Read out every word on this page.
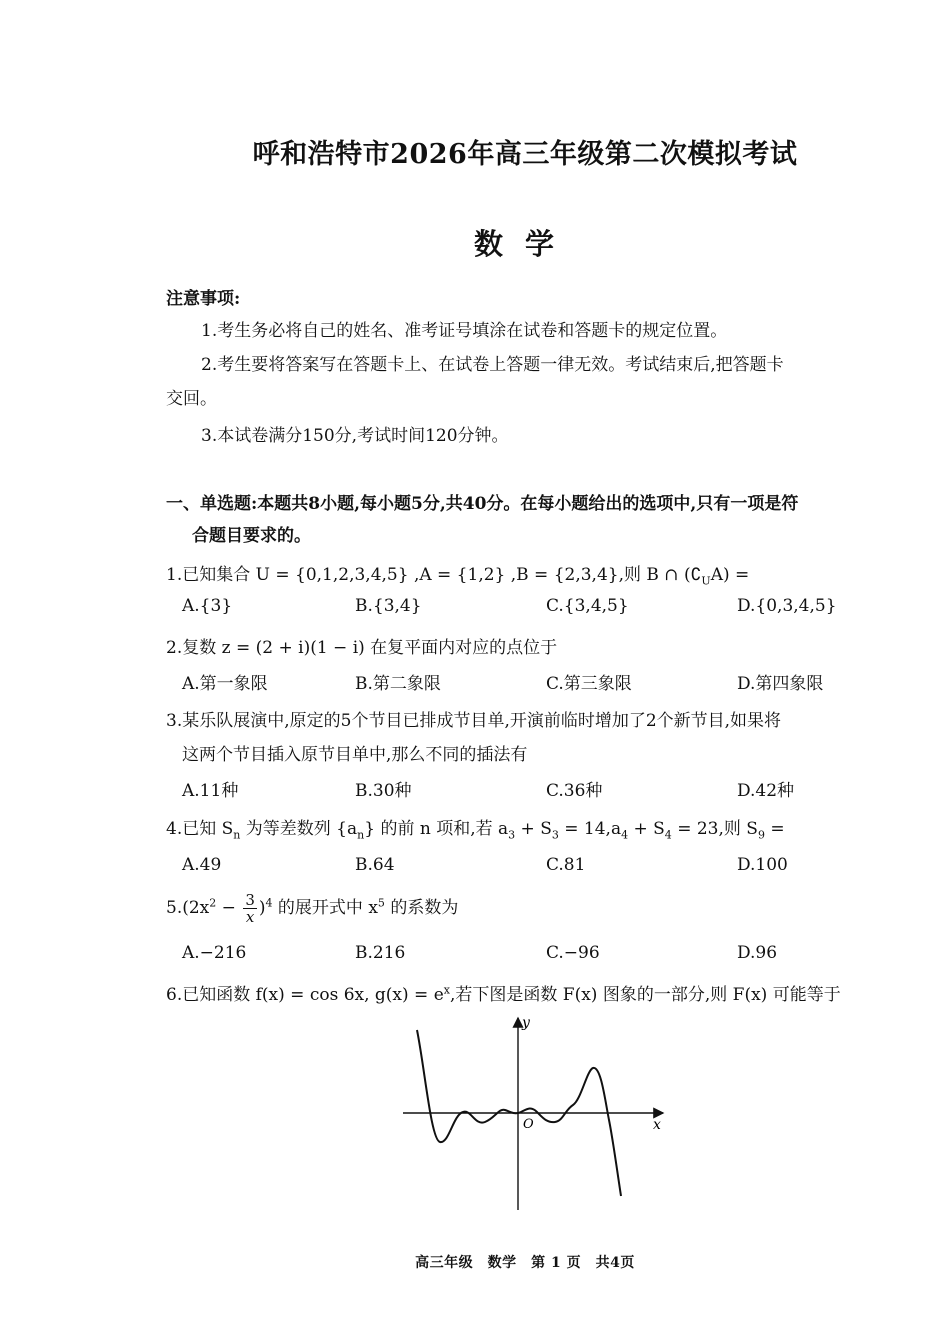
呼和浩特市2026年高三年级第二次模拟考试
数学
注意事项:
1.考生务必将自己的姓名、准考证号填涂在试卷和答题卡的规定位置。
2.考生要将答案写在答题卡上、在试卷上答题一律无效。考试结束后,把答题卡
交回。
3.本试卷满分150分,考试时间120分钟。
一、单选题:本题共8小题,每小题5分,共40分。在每小题给出的选项中,只有一项是符
合题目要求的。
1.已知集合 U = {0,1,2,3,4,5} ,A = {1,2} ,B = {2,3,4},则 B ∩ $(∁_UA)$ =
A.{3}	B.{3,4}	C.{3,4,5}	D.{0,3,4,5}
2.复数 z = (2 + i)(1 − i) 在复平面内对应的点位于
A.第一象限	B.第二象限	C.第三象限	D.第四象限
3.某乐队展演中,原定的5个节目已排成节目单,开演前临时增加了2个新节目,如果将
这两个节目插入原节目单中,那么不同的插法有
A.11种	B.30种	C.36种	D.42种
4.已知 $S_n$ 为等差数列 $\{a_n\}$ 的前 n 项和,若 $a_3 + S_3 = 14,a_4 + S_4 = 23$,则 $S_9$ =
A.49	B.64	C.81	D.100
$5.(2x^2 - \frac{3}{x} )^4$ 的展开式中 $x^5$ 的系数为
A.−216	B.216	C.−96	D.96
6.已知函数 f(x) = cos 6x, $g(x) = e^x$,若下图是函数 F(x) 图象的一部分,则 F(x) 可能等于
y
x
O
高三年级　数学　第 1 页　共4页
